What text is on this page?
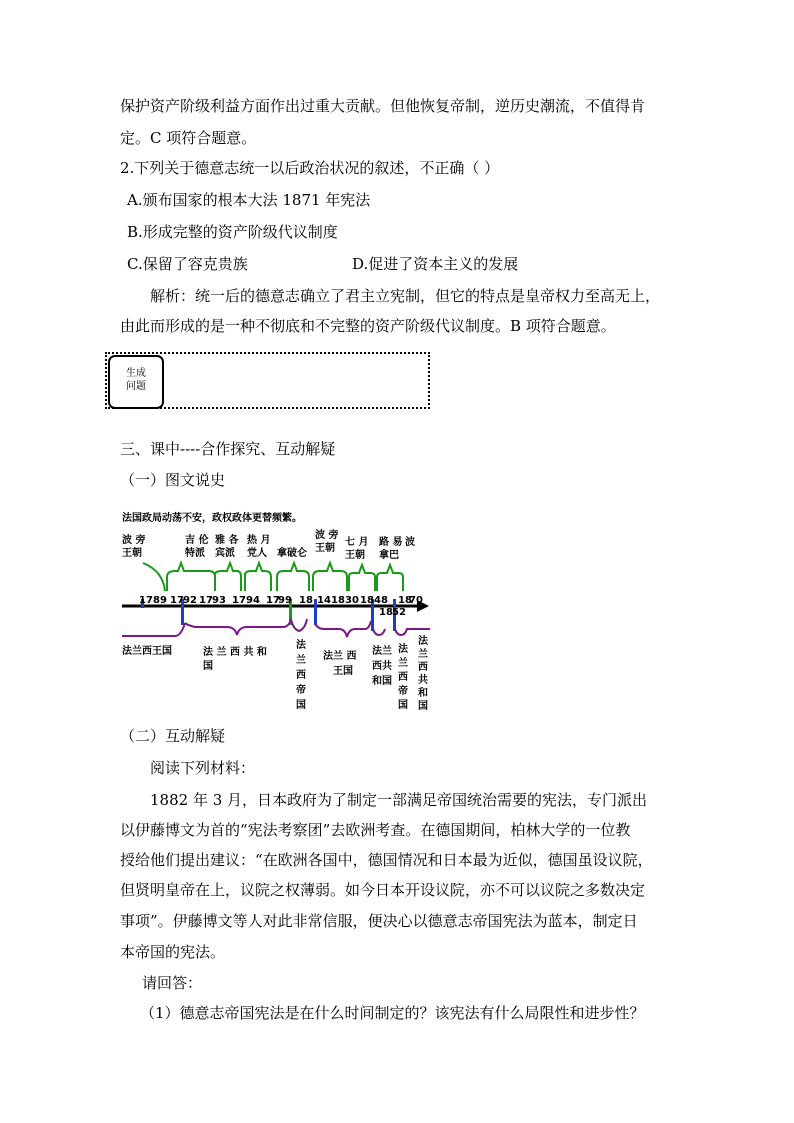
保护资产阶级利益方面作出过重大贡献。但他恢复帝制，逆历史潮流，不值得肯
定。C 项符合题意。
2.下列关于德意志统一以后政治状况的叙述，不正确（ ）
A.颁布国家的根本大法 1871 年宪法
B.形成完整的资产阶级代议制度
C.保留了容克贵族	D.促进了资本主义的发展
解析：统一后的德意志确立了君主立宪制，但它的特点是皇帝权力至高无上，
由此而形成的是一种不彻底和不完整的资产阶级代议制度。B 项符合题意。
生成
问题
三、课中----合作探究、互动解疑
（一）图文说史
法国政局动荡不安，政权政体更替频繁。
波 旁
王朝
吉 伦
特派
雅 各
宾派
热 月
党人 拿破仑
波 旁
王朝
七 月
王朝
路 易
拿巴
波
17 89 17 92 17 93 17 94 17
99 18 14 18 30 18 48
18 52
18
70
法兰西王国	法 兰 西 共 和
国
法
兰
西
帝
国
法兰 西
王国
法兰
西共
和国
法
兰
西
帝
国
法
兰
西
共
和
国
（二）互动解疑
阅读下列材料：
1882 年 3 月，日本政府为了制定一部满足帝国统治需要的宪法，专门派出
以伊藤博文为首的“宪法考察团”去欧洲考查。在德国期间，柏林大学的一位教
授给他们提出建议：“在欧洲各国中，德国情况和日本最为近似，德国虽设议院，
但贤明皇帝在上，议院之权薄弱。如今日本开设议院，亦不可以议院之多数决定
事项”。伊藤博文等人对此非常信服，便决心以德意志帝国宪法为蓝本，制定日
本帝国的宪法。
请回答：
（1）德意志帝国宪法是在什么时间制定的？该宪法有什么局限性和进步性？
